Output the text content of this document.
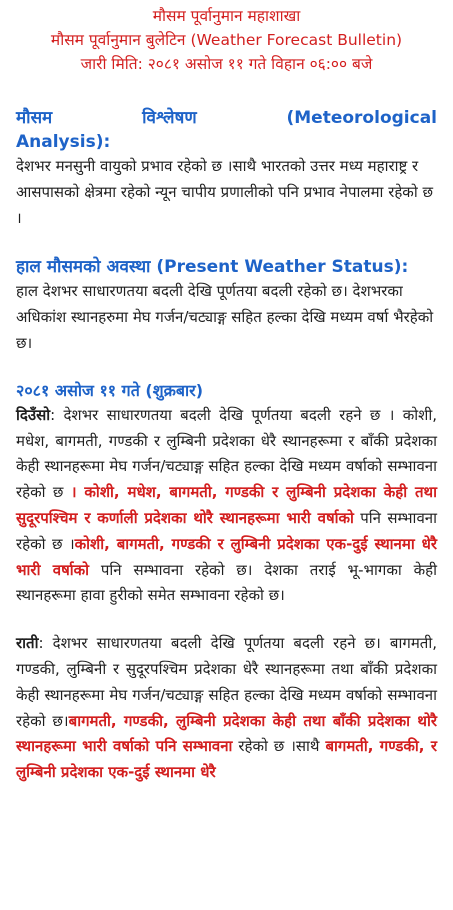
मौसम पूर्वानुमान महाशाखा
मौसम पूर्वानुमान बुलेटिन (Weather Forecast Bulletin)
जारी मिति: २०८१ असोज ११ गते विहान ०६:०० बजे
मौसम	विश्लेषण	(Meteorological
Analysis):

देशभर मनसुनी वायुको प्रभाव रहेको छ ।साथै भारतको उत्तर मध्य महाराष्ट्र र आसपासको क्षेत्रमा रहेको न्यून चापीय प्रणालीको पनि प्रभाव नेपालमा रहेको छ ।

हाल मौसमको अवस्था (Present Weather Status):

हाल देशभर साधारणतया बदली देखि पूर्णतया बदली रहेको छ। देशभरका अधिकांश स्थानहरुमा मेघ गर्जन/चट्याङ्ग सहित हल्का देखि मध्यम वर्षा भैरहेको छ।

२०८१ असोज ११ गते (शुक्रबार)

दिउँसो: देशभर साधारणतया बदली देखि पूर्णतया बदली रहने छ । कोशी, मधेश, बागमती, गण्डकी र लुम्बिनी प्रदेशका धेरै स्थानहरूमा र बाँकी प्रदेशका केही स्थानहरूमा मेघ गर्जन/चट्याङ्ग सहित हल्का देखि मध्यम वर्षाको सम्भावना रहेको छ । कोशी, मधेश, बागमती, गण्डकी र लुम्बिनी प्रदेशका केही तथा सुदूरपश्चिम र कर्णाली प्रदेशका थोरै स्थानहरूमा भारी वर्षाको पनि सम्भावना रहेको छ ।कोशी, बागमती, गण्डकी र लुम्बिनी प्रदेशका एक-दुई स्थानमा धेरै भारी वर्षाको पनि सम्भावना रहेको छ। देशका तराई भू-भागका केही स्थानहरूमा हावा हुरीको समेत सम्भावना रहेको छ।

राती: देशभर साधारणतया बदली देखि पूर्णतया बदली रहने छ। बागमती, गण्डकी, लुम्बिनी र सुदूरपश्चिम प्रदेशका धेरै स्थानहरूमा तथा बाँकी प्रदेशका केही स्थानहरूमा मेघ गर्जन/चट्याङ्ग सहित हल्का देखि मध्यम वर्षाको सम्भावना रहेको छ।बागमती, गण्डकी, लुम्बिनी प्रदेशका केही तथा बाँकी प्रदेशका थोरै स्थानहरूमा भारी वर्षाको पनि सम्भावना रहेको छ ।साथै बागमती, गण्डकी, र लुम्बिनी प्रदेशका एक-दुई स्थानमा धेरै
